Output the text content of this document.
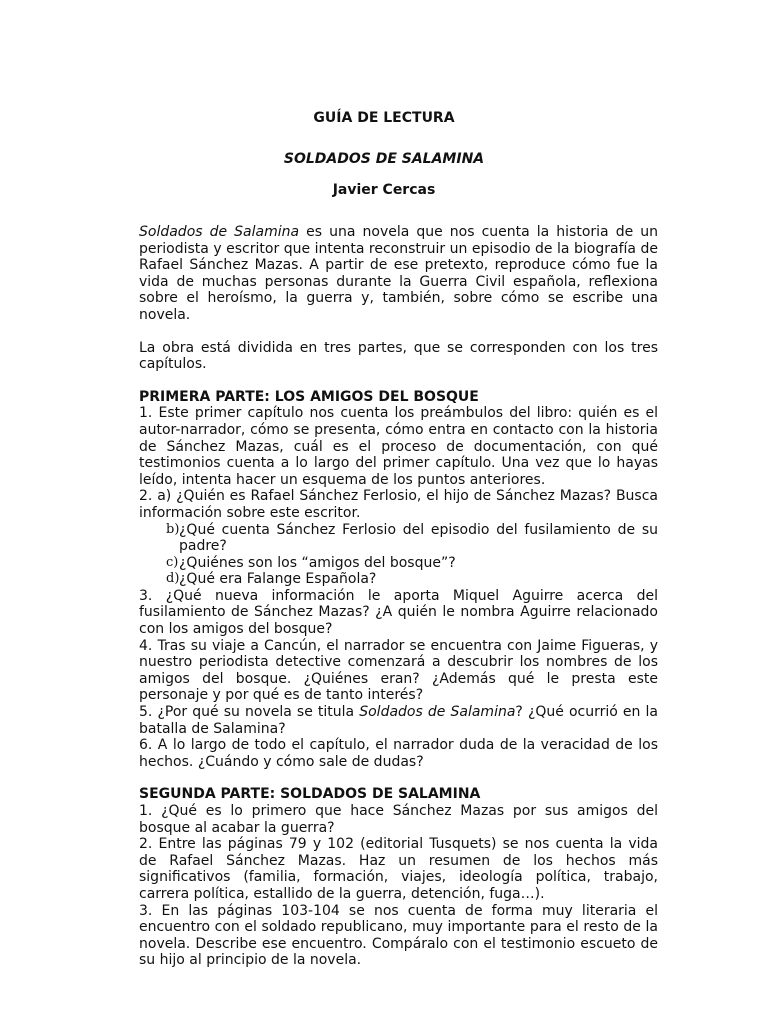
GUÍA DE LECTURA
SOLDADOS DE SALAMINA
Javier Cercas

Soldados de Salamina es una novela que nos cuenta la historia de un periodista y escritor que intenta reconstruir un episodio de la biografía de Rafael Sánchez Mazas. A partir de ese pretexto, reproduce cómo fue la vida de muchas personas durante la Guerra Civil española, reflexiona sobre el heroísmo, la guerra y, también, sobre cómo se escribe una novela.

La obra está dividida en tres partes, que se corresponden con los tres capítulos.

PRIMERA PARTE: LOS AMIGOS DEL BOSQUE

1. Este primer capítulo nos cuenta los preámbulos del libro: quién es el autor-narrador, cómo se presenta, cómo entra en contacto con la historia de Sánchez Mazas, cuál es el proceso de documentación, con qué testimonios cuenta a lo largo del primer capítulo. Una vez que lo hayas leído, intenta hacer un esquema de los puntos anteriores.

2. a) ¿Quién es Rafael Sánchez Ferlosio, el hijo de Sánchez Mazas? Busca información sobre este escritor.

b) ¿Qué cuenta Sánchez Ferlosio del episodio del fusilamiento de su padre?
c) ¿Quiénes son los “amigos del bosque”?
d) ¿Qué era Falange Española?

3. ¿Qué nueva información le aporta Miquel Aguirre acerca del fusilamiento de Sánchez Mazas? ¿A quién le nombra Aguirre relacionado con los amigos del bosque?

4. Tras su viaje a Cancún, el narrador se encuentra con Jaime Figueras, y nuestro periodista detective comenzará a descubrir los nombres de los amigos del bosque. ¿Quiénes eran? ¿Además qué le presta este personaje y por qué es de tanto interés?

5. ¿Por qué su novela se titula Soldados de Salamina? ¿Qué ocurrió en la batalla de Salamina?

6. A lo largo de todo el capítulo, el narrador duda de la veracidad de los hechos. ¿Cuándo y cómo sale de dudas?

SEGUNDA PARTE: SOLDADOS DE SALAMINA

1. ¿Qué es lo primero que hace Sánchez Mazas por sus amigos del bosque al acabar la guerra?

2. Entre las páginas 79 y 102 (editorial Tusquets) se nos cuenta la vida de Rafael Sánchez Mazas. Haz un resumen de los hechos más significativos (familia, formación, viajes, ideología política, trabajo, carrera política, estallido de la guerra, detención, fuga…).

3. En las páginas 103-104 se nos cuenta de forma muy literaria el encuentro con el soldado republicano, muy importante para el resto de la novela. Describe ese encuentro. Compáralo con el testimonio escueto de su hijo al principio de la novela.
